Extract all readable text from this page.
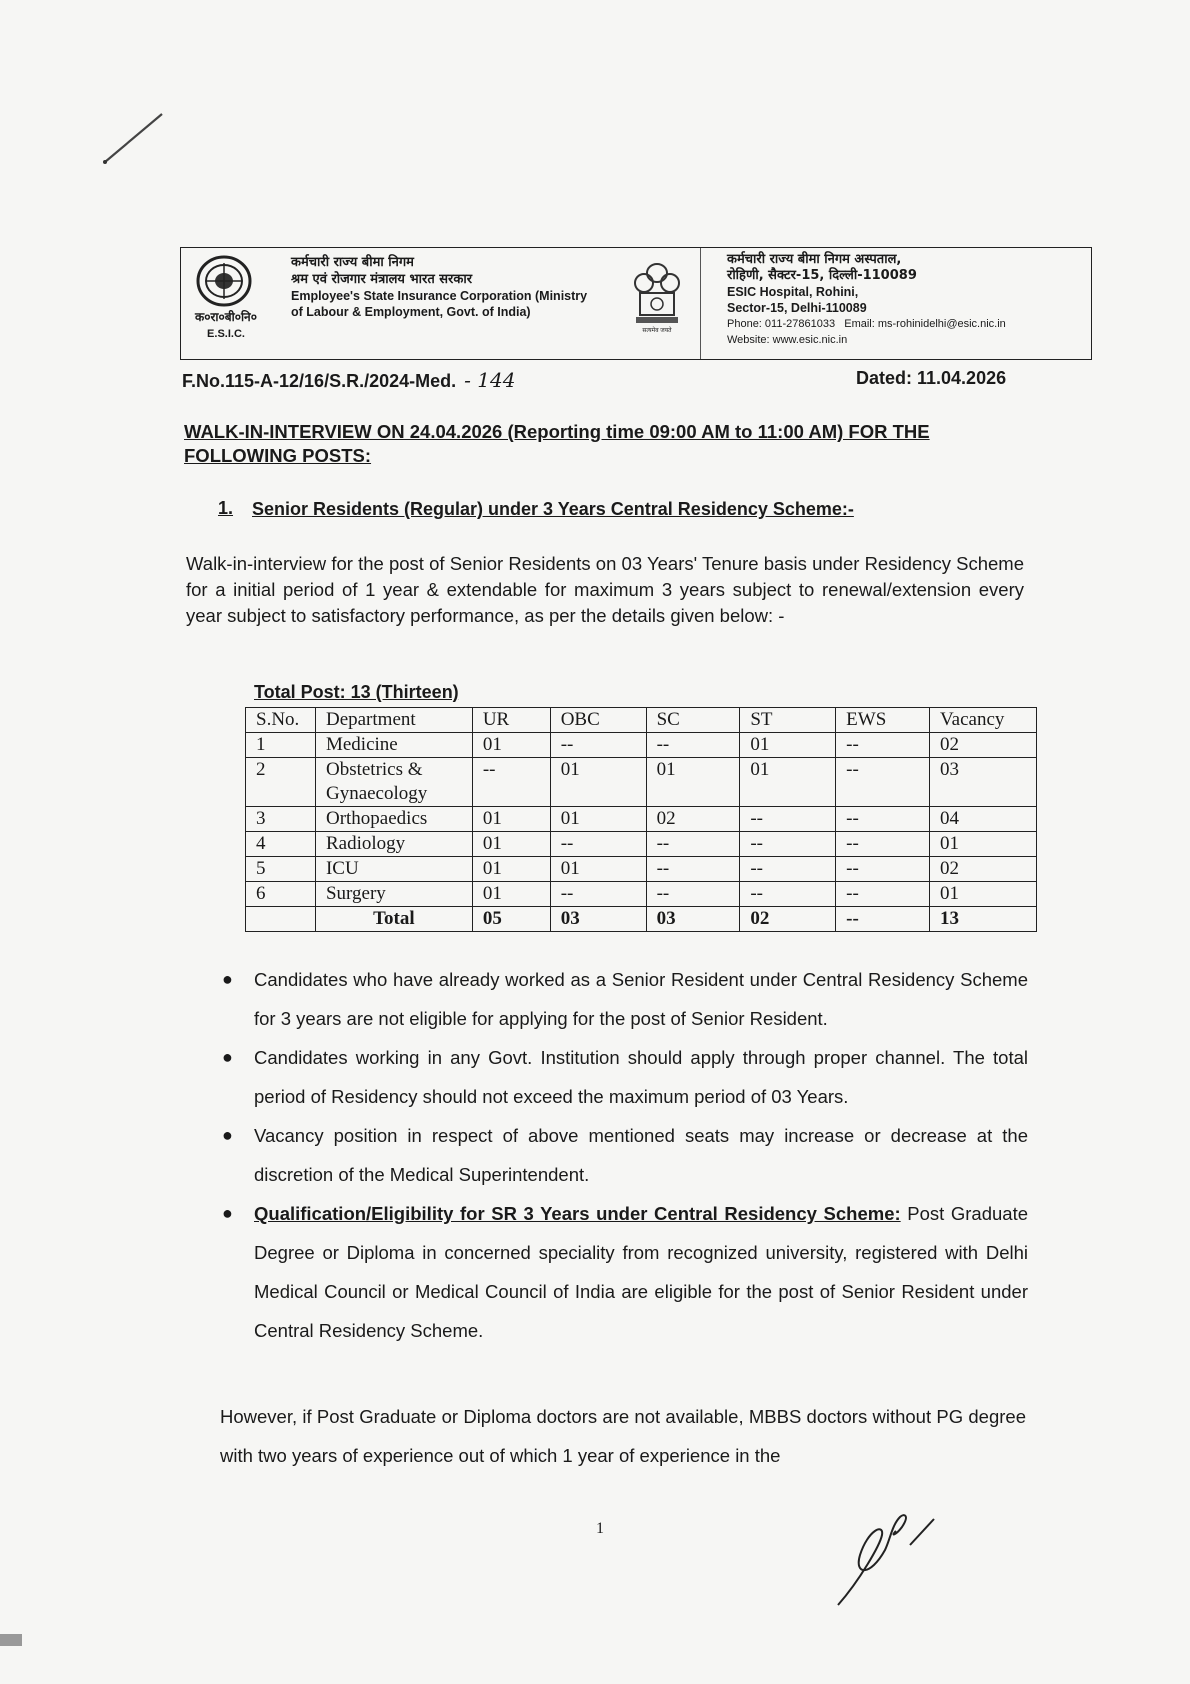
क०रा०बी०नि०
E.S.I.C.
कर्मचारी राज्य बीमा निगम
श्रम एवं रोजगार मंत्रालय भारत सरकार
Employee's State Insurance Corporation (Ministry of Labour & Employment, Govt. of India)
सत्यमेव जयते
कर्मचारी राज्य बीमा निगम अस्पताल,
रोहिणी, सैक्टर-15, दिल्ली-110089
ESIC Hospital, Rohini,
Sector-15, Delhi-110089
Phone: 011-27861033 Email: ms-rohinidelhi@esic.nic.in
Website: www.esic.nic.in
F.No.115-A-12/16/S.R./2024-Med. - 144	Dated: 11.04.2026
WALK-IN-INTERVIEW ON 24.04.2026 (Reporting time 09:00 AM to 11:00 AM) FOR THE FOLLOWING POSTS:
1. Senior Residents (Regular) under 3 Years Central Residency Scheme:-
Walk-in-interview for the post of Senior Residents on 03 Years' Tenure basis under Residency Scheme for a initial period of 1 year & extendable for maximum 3 years subject to renewal/extension every year subject to satisfactory performance, as per the details given below: -
Total Post: 13 (Thirteen)
S.No.	Department	UR	OBC	SC	ST	EWS	Vacancy
1	Medicine	01	--	--	01	--	02
2	Obstetrics & Gynaecology	--	01	01	01	--	03
3	Orthopaedics	01	01	02	--	--	04
4	Radiology	01	--	--	--	--	01
5	ICU	01	01	--	--	--	02
6	Surgery	01	--	--	--	--	01
	Total	05	03	03	02	--	13
● Candidates who have already worked as a Senior Resident under Central Residency Scheme for 3 years are not eligible for applying for the post of Senior Resident.
● Candidates working in any Govt. Institution should apply through proper channel. The total period of Residency should not exceed the maximum period of 03 Years.
● Vacancy position in respect of above mentioned seats may increase or decrease at the discretion of the Medical Superintendent.
● Qualification/Eligibility for SR 3 Years under Central Residency Scheme: Post Graduate Degree or Diploma in concerned speciality from recognized university, registered with Delhi Medical Council or Medical Council of India are eligible for the post of Senior Resident under Central Residency Scheme.
However, if Post Graduate or Diploma doctors are not available, MBBS doctors without PG degree with two years of experience out of which 1 year of experience in the
1
